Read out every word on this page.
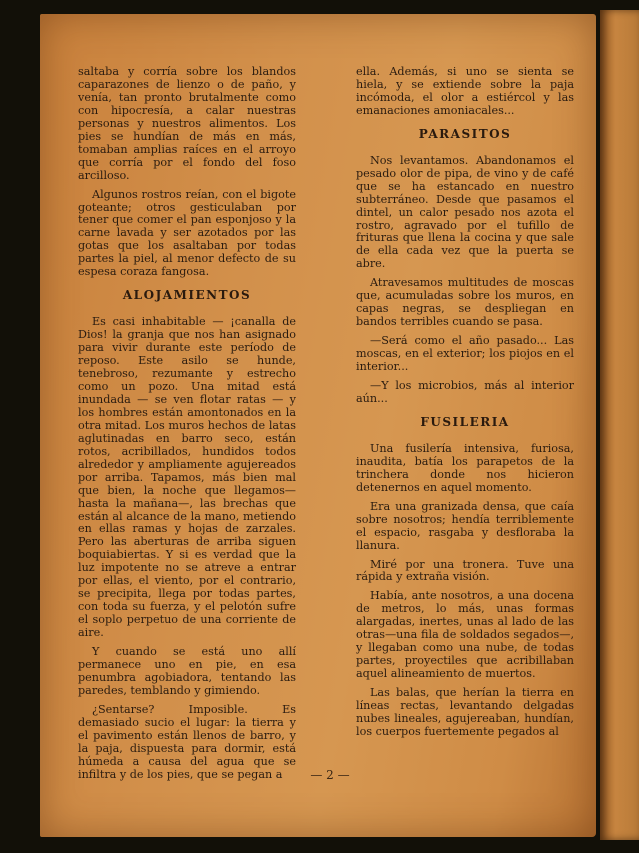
saltaba y corría sobre los blandos caparazones de lienzo o de paño, y venía, tan pronto brutalmente como con hipocresía, a calar nuestras personas y nuestros alimentos. Los pies se hundían de más en más, tomaban amplias raíces en el arroyo que corría por el fondo del foso arcilloso.

Algunos rostros reían, con el bigote goteante; otros gesticulaban por tener que comer el pan esponjoso y la carne lavada y ser azotados por las gotas que los asaltaban por todas partes la piel, al menor defecto de su espesa coraza fangosa.

ALOJAMIENTOS

Es casi inhabitable — ¡canalla de Dios! la granja que nos han asignado para vivir durante este período de reposo. Este asilo se hunde, tenebroso, rezumante y estrecho como un pozo. Una mitad está inundada — se ven flotar ratas — y los hombres están amontonados en la otra mitad. Los muros hechos de latas aglutinadas en barro seco, están rotos, acribillados, hundidos todos alrededor y ampliamente agujereados por arriba. Tapamos, más bien mal que bien, la noche que llegamos—hasta la mañana—, las brechas que están al alcance de la mano, metiendo en ellas ramas y hojas de zarzales. Pero las aberturas de arriba siguen boquiabiertas. Y si es verdad que la luz impotente no se atreve a entrar por ellas, el viento, por el contrario, se precipita, llega por todas partes, con toda su fuerza, y el pelotón sufre el soplo perpetuo de una corriente de aire.

Y cuando se está uno allí permanece uno en pie, en esa penumbra agobiadora, tentando las paredes, temblando y gimiendo.

¿Sentarse? Imposible. Es demasiado sucio el lugar: la tierra y el pavimento están llenos de barro, y la paja, dispuesta para dormir, está húmeda a causa del agua que se infiltra y de los pies, que se pegan a

ella. Además, si uno se sienta se hiela, y se extiende sobre la paja incómoda, el olor a estiércol y las emanaciones amoniacales...

PARASITOS

Nos levantamos. Abandonamos el pesado olor de pipa, de vino y de café que se ha estancado en nuestro subterráneo. Desde que pasamos el dintel, un calor pesado nos azota el rostro, agravado por el tufillo de frituras que llena la cocina y que sale de ella cada vez que la puerta se abre.

Atravesamos multitudes de moscas que, acumuladas sobre los muros, en capas negras, se despliegan en bandos terribles cuando se pasa.

—Será como el año pasado... Las moscas, en el exterior; los piojos en el interior...

—Y los microbios, más al interior aún...

FUSILERIA

Una fusilería intensiva, furiosa, inaudita, batía los parapetos de la trinchera donde nos hicieron detenernos en aquel momento.

Era una granizada densa, que caía sobre nosotros; hendía terriblemente el espacio, rasgaba y desfloraba la llanura.

Miré por una tronera. Tuve una rápida y extraña visión.

Había, ante nosotros, a una docena de metros, lo más, unas formas alargadas, inertes, unas al lado de las otras—una fila de soldados segados—, y llegaban como una nube, de todas partes, proyectiles que acribillaban aquel alineamiento de muertos.

Las balas, que herían la tierra en líneas rectas, levantando delgadas nubes lineales, agujereaban, hundían, los cuerpos fuertemente pegados al

— 2 —
